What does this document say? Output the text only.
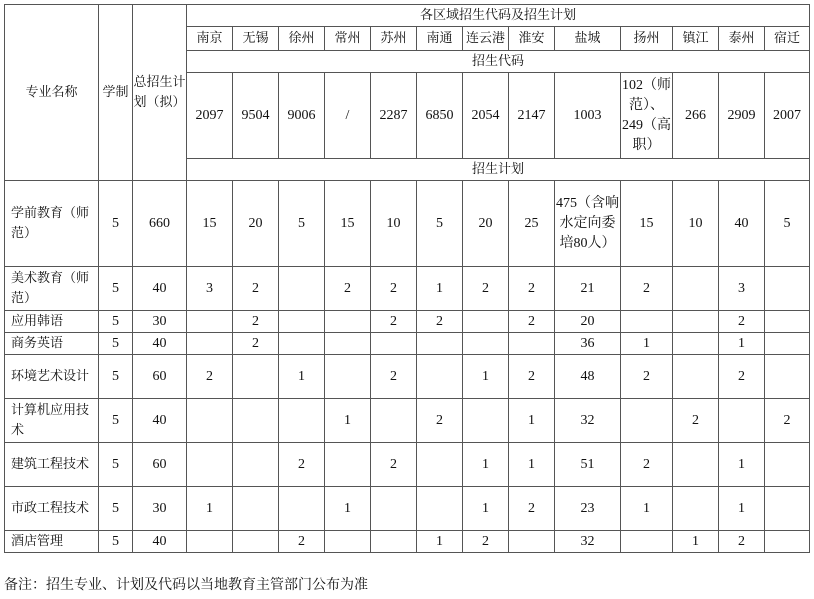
专业名称	学制	总招生计划（拟）	各区域招生代码及招生计划												
			南京	无锡	徐州	常州	苏州	南通	连云港	淮安	盐城	扬州	镇江	泰州	宿迁
			招生代码												
			2097	9504	9006	/	2287	6850	2054	2147	1003	102（师范）、249（高职）	266	2909	2007
			招生计划												
学前教育（师范）	5	660	15	20	5	15	10	5	20	25	475（含响水定向委培80人）	15	10	40	5
美术教育（师范）	5	40	3	2		2	2	1	2	2	21	2		3	
应用韩语	5	30		2			2	2		2	20			2	
商务英语	5	40		2							36	1		1	
环境艺术设计	5	60	2		1		2		1	2	48	2		2	
计算机应用技术	5	40				1		2		1	32		2		2
建筑工程技术	5	60			2		2		1	1	51	2		1	
市政工程技术	5	30	1			1			1	2	23	1		1	
酒店管理	5	40			2			1	2		32		1	2	
备注：招生专业、计划及代码以当地教育主管部门公布为准
